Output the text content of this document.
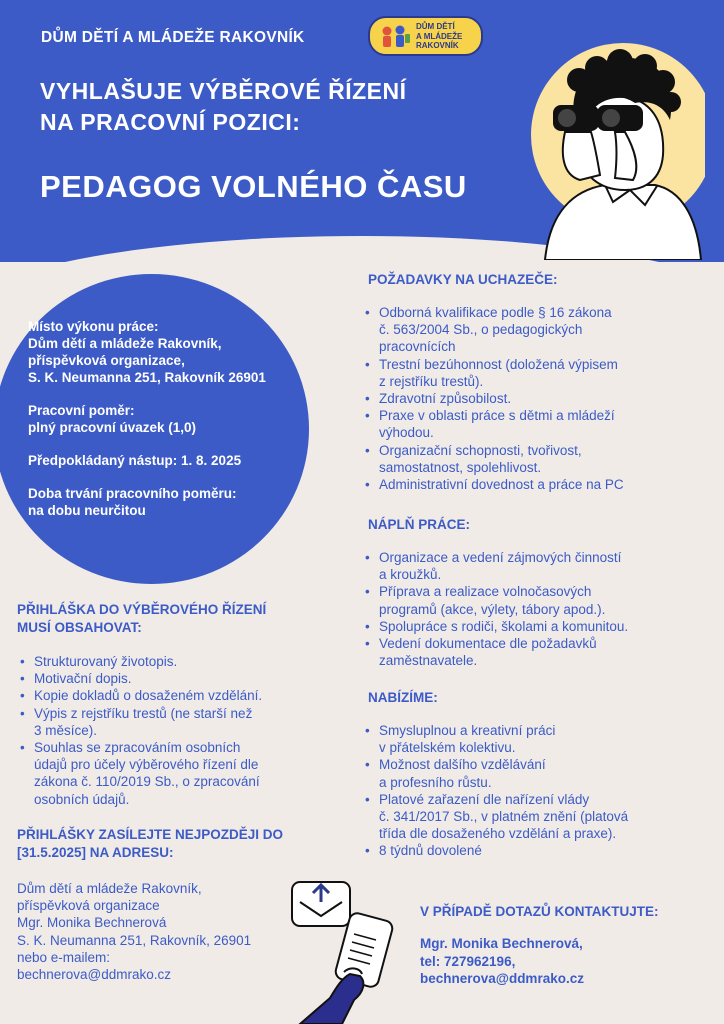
DŮM DĚTÍ A MLÁDEŽE RAKOVNÍK
DŮM DĚTÍ
A MLÁDEŽE
RAKOVNÍK
VYHLAŠUJE VÝBĚROVÉ ŘÍZENÍ
NA PRACOVNÍ POZICI:
PEDAGOG VOLNÉHO ČASU

Místo výkonu práce:
Dům dětí a mládeže Rakovník,
příspěvková organizace,
S. K. Neumanna 251, Rakovník 26901

Pracovní poměr:
plný pracovní úvazek (1,0)

Předpokládaný nástup: 1. 8. 2025

Doba trvání pracovního poměru:
na dobu neurčitou

PŘIHLÁŠKA DO VÝBĚROVÉHO ŘÍZENÍ
MUSÍ OBSAHOVAT:
• Strukturovaný životopis.
• Motivační dopis.
• Kopie dokladů o dosaženém vzdělání.
• Výpis z rejstříku trestů (ne starší než
3 měsíce).
• Souhlas se zpracováním osobních
údajů pro účely výběrového řízení dle
zákona č. 110/2019 Sb., o zpracování
osobních údajů.
PŘIHLÁŠKY ZASÍLEJTE NEJPOZDĚJI DO
[31.5.2025] NA ADRESU:
Dům dětí a mládeže Rakovník,
příspěvková organizace
Mgr. Monika Bechnerová
S. K. Neumanna 251, Rakovník, 26901
nebo e-mailem:
bechnerova@ddmrako.cz
POŽADAVKY NA UCHAZEČE:
• Odborná kvalifikace podle § 16 zákona
č. 563/2004 Sb., o pedagogických
pracovnících
• Trestní bezúhonnost (doložená výpisem
z rejstříku trestů).
• Zdravotní způsobilost.
• Praxe v oblasti práce s dětmi a mládeží
výhodou.
• Organizační schopnosti, tvořivost,
samostatnost, spolehlivost.
• Administrativní dovednost a práce na PC
NÁPLŇ PRÁCE:
• Organizace a vedení zájmových činností
a kroužků.
• Příprava a realizace volnočasových
programů (akce, výlety, tábory apod.).
• Spolupráce s rodiči, školami a komunitou.
• Vedení dokumentace dle požadavků
zaměstnavatele.
NABÍZÍME:
• Smysluplnou a kreativní práci
v přátelském kolektivu.
• Možnost dalšího vzdělávání
a profesního růstu.
• Platové zařazení dle nařízení vlády
č. 341/2017 Sb., v platném znění (platová
třída dle dosaženého vzdělání a praxe).
• 8 týdnů dovolené
V PŘÍPADĚ DOTAZŮ KONTAKTUJTE:
Mgr. Monika Bechnerová,
tel: 727962196,
bechnerova@ddmrako.cz
